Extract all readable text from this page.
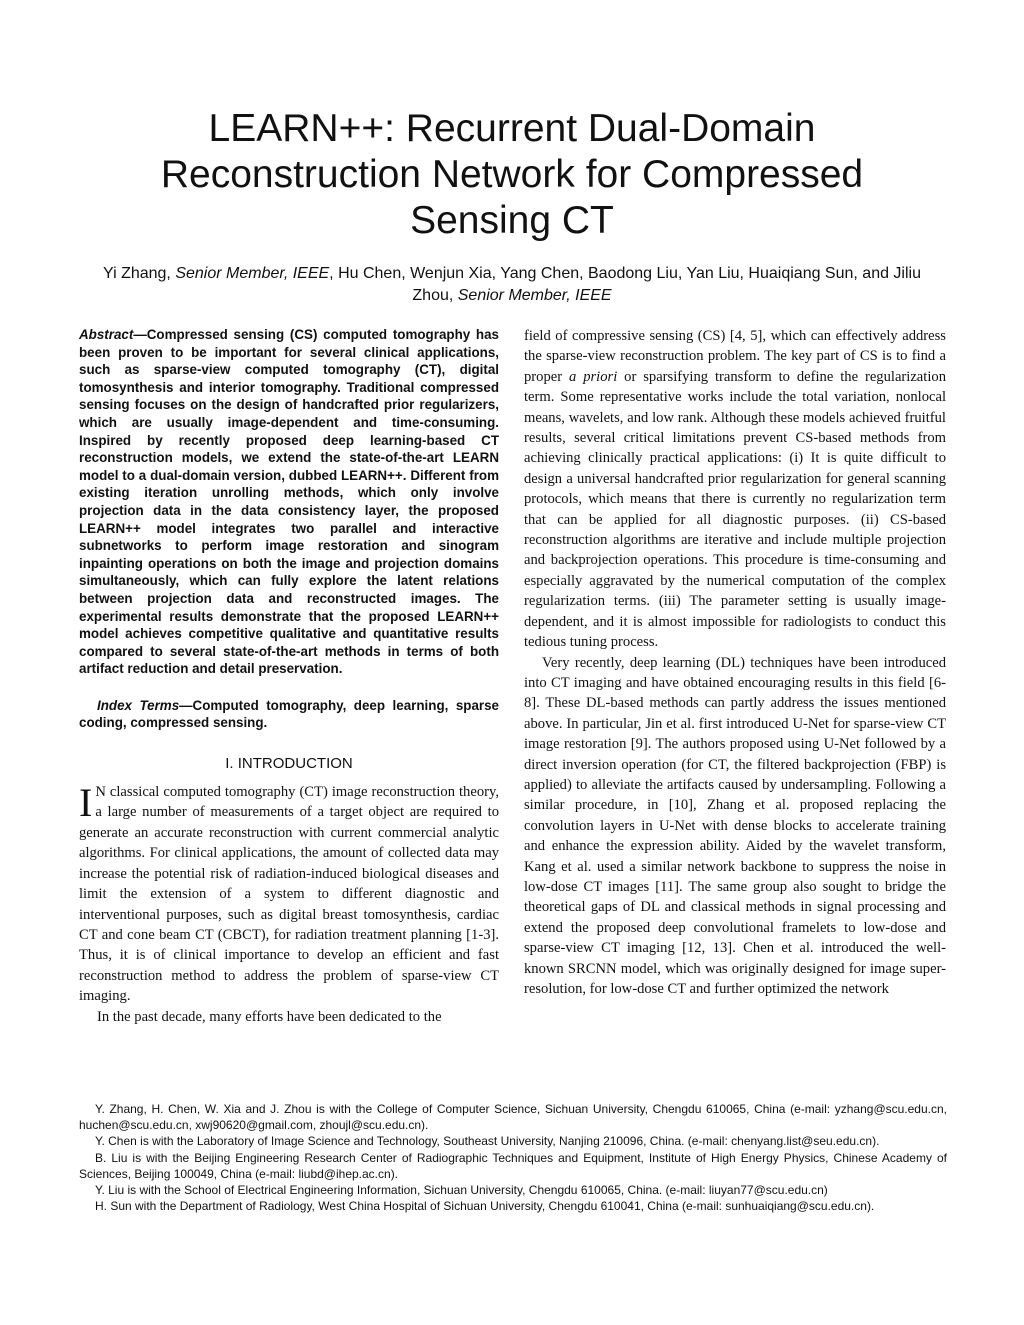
LEARN++: Recurrent Dual-Domain Reconstruction Network for Compressed Sensing CT

Yi Zhang, Senior Member, IEEE, Hu Chen, Wenjun Xia, Yang Chen, Baodong Liu, Yan Liu, Huaiqiang Sun, and Jiliu Zhou, Senior Member, IEEE

Abstract—Compressed sensing (CS) computed tomography has been proven to be important for several clinical applications, such as sparse-view computed tomography (CT), digital tomosynthesis and interior tomography. Traditional compressed sensing focuses on the design of handcrafted prior regularizers, which are usually image-dependent and time-consuming. Inspired by recently proposed deep learning-based CT reconstruction models, we extend the state-of-the-art LEARN model to a dual-domain version, dubbed LEARN++. Different from existing iteration unrolling methods, which only involve projection data in the data consistency layer, the proposed LEARN++ model integrates two parallel and interactive subnetworks to perform image restoration and sinogram inpainting operations on both the image and projection domains simultaneously, which can fully explore the latent relations between projection data and reconstructed images. The experimental results demonstrate that the proposed LEARN++ model achieves competitive qualitative and quantitative results compared to several state-of-the-art methods in terms of both artifact reduction and detail preservation.

Index Terms—Computed tomography, deep learning, sparse coding, compressed sensing.

I. INTRODUCTION

I N classical computed tomography (CT) image reconstruction theory, a large number of measurements of a target object are required to generate an accurate reconstruction with current commercial analytic algorithms. For clinical applications, the amount of collected data may increase the potential risk of radiation-induced biological diseases and limit the extension of a system to different diagnostic and interventional purposes, such as digital breast tomosynthesis, cardiac CT and cone beam CT (CBCT), for radiation treatment planning [1-3]. Thus, it is of clinical importance to develop an efficient and fast reconstruction method to address the problem of sparse-view CT imaging.

In the past decade, many efforts have been dedicated to the

field of compressive sensing (CS) [4, 5], which can effectively address the sparse-view reconstruction problem. The key part of CS is to find a proper a priori or sparsifying transform to define the regularization term. Some representative works include the total variation, nonlocal means, wavelets, and low rank. Although these models achieved fruitful results, several critical limitations prevent CS-based methods from achieving clinically practical applications: (i) It is quite difficult to design a universal handcrafted prior regularization for general scanning protocols, which means that there is currently no regularization term that can be applied for all diagnostic purposes. (ii) CS-based reconstruction algorithms are iterative and include multiple projection and backprojection operations. This procedure is time-consuming and especially aggravated by the numerical computation of the complex regularization terms. (iii) The parameter setting is usually image-dependent, and it is almost impossible for radiologists to conduct this tedious tuning process.

Very recently, deep learning (DL) techniques have been introduced into CT imaging and have obtained encouraging results in this field [6-8]. These DL-based methods can partly address the issues mentioned above. In particular, Jin et al. first introduced U-Net for sparse-view CT image restoration [9]. The authors proposed using U-Net followed by a direct inversion operation (for CT, the filtered backprojection (FBP) is applied) to alleviate the artifacts caused by undersampling. Following a similar procedure, in [10], Zhang et al. proposed replacing the convolution layers in U-Net with dense blocks to accelerate training and enhance the expression ability. Aided by the wavelet transform, Kang et al. used a similar network backbone to suppress the noise in low-dose CT images [11]. The same group also sought to bridge the theoretical gaps of DL and classical methods in signal processing and extend the proposed deep convolutional framelets to low-dose and sparse-view CT imaging [12, 13]. Chen et al. introduced the well-known SRCNN model, which was originally designed for image super-resolution, for low-dose CT and further optimized the network

Y. Zhang, H. Chen, W. Xia and J. Zhou is with the College of Computer Science, Sichuan University, Chengdu 610065, China (e-mail: yzhang@scu.edu.cn, huchen@scu.edu.cn, xwj90620@gmail.com, zhoujl@scu.edu.cn).

Y. Chen is with the Laboratory of Image Science and Technology, Southeast University, Nanjing 210096, China. (e-mail: chenyang.list@seu.edu.cn).

B. Liu is with the Beijing Engineering Research Center of Radiographic Techniques and Equipment, Institute of High Energy Physics, Chinese Academy of Sciences, Beijing 100049, China (e-mail: liubd@ihep.ac.cn).

Y. Liu is with the School of Electrical Engineering Information, Sichuan University, Chengdu 610065, China. (e-mail: liuyan77@scu.edu.cn)

H. Sun with the Department of Radiology, West China Hospital of Sichuan University, Chengdu 610041, China (e-mail: sunhuaiqiang@scu.edu.cn).
